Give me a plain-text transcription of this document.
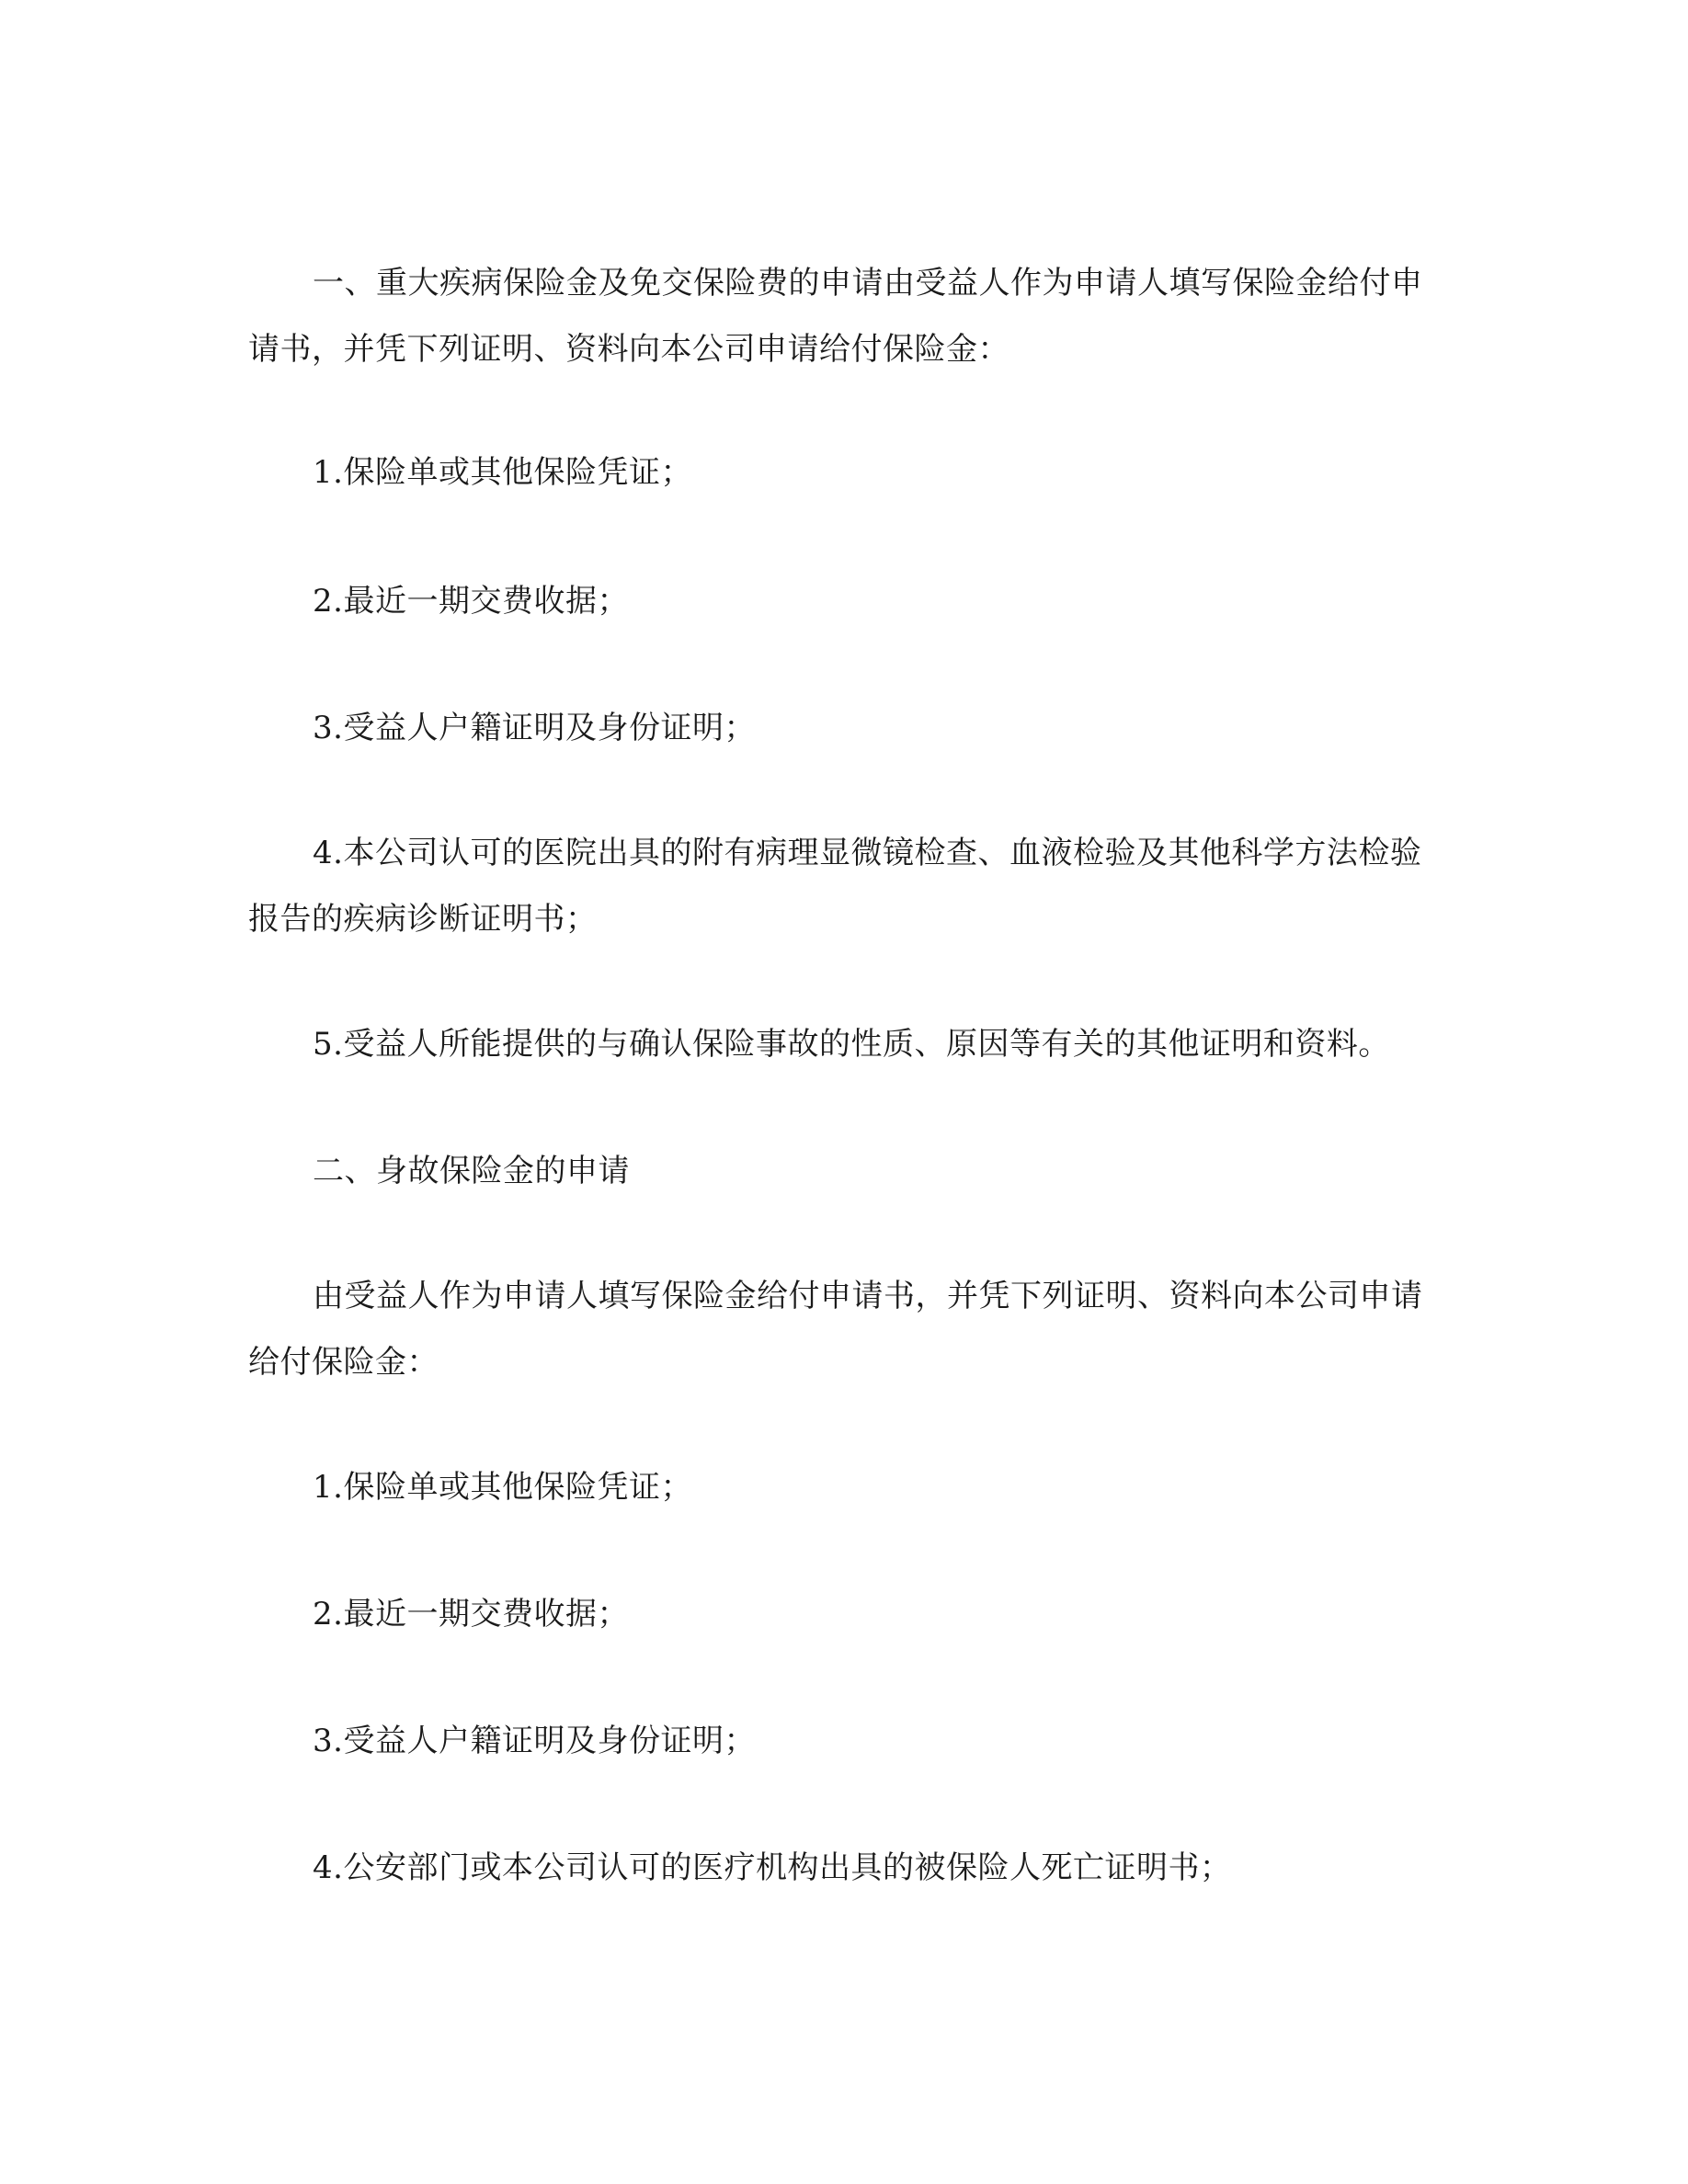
一、重大疾病保险金及免交保险费的申请由受益人作为申请人填写保险金给付申请书，并凭下列证明、资料向本公司申请给付保险金：

1.保险单或其他保险凭证；

2.最近一期交费收据；

3.受益人户籍证明及身份证明；

4.本公司认可的医院出具的附有病理显微镜检查、血液检验及其他科学方法检验报告的疾病诊断证明书；

5.受益人所能提供的与确认保险事故的性质、原因等有关的其他证明和资料。

二、身故保险金的申请

由受益人作为申请人填写保险金给付申请书，并凭下列证明、资料向本公司申请给付保险金：

1.保险单或其他保险凭证；

2.最近一期交费收据；

3.受益人户籍证明及身份证明；

4.公安部门或本公司认可的医疗机构出具的被保险人死亡证明书；
